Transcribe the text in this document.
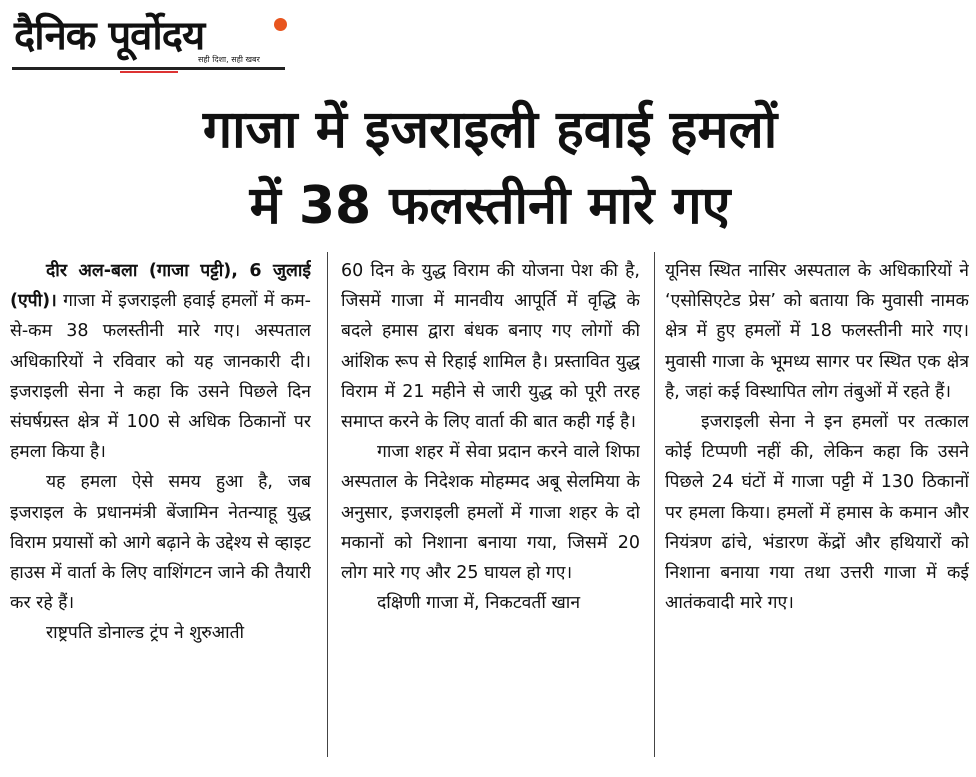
दैनिक पूर्वोदय
सही दिशा, सही खबर
गाजा में इजराइली हवाई हमलों
में 38 फलस्तीनी मारे गए

दीर अल-बला (गाजा पट्टी), 6 जुलाई (एपी)। गाजा में इजराइली हवाई हमलों में कम-से-कम 38 फलस्तीनी मारे गए। अस्पताल अधिकारियों ने रविवार को यह जानकारी दी। इजराइली सेना ने कहा कि उसने पिछले दिन संघर्षग्रस्त क्षेत्र में 100 से अधिक ठिकानों पर हमला किया है।

यह हमला ऐसे समय हुआ है, जब इजराइल के प्रधानमंत्री बेंजामिन नेतन्याहू युद्ध विराम प्रयासों को आगे बढ़ाने के उद्देश्य से व्हाइट हाउस में वार्ता के लिए वाशिंगटन जाने की तैयारी कर रहे हैं।

राष्ट्रपति डोनाल्ड ट्रंप ने शुरुआती

60 दिन के युद्ध विराम की योजना पेश की है, जिसमें गाजा में मानवीय आपूर्ति में वृद्धि के बदले हमास द्वारा बंधक बनाए गए लोगों की आंशिक रूप से रिहाई शामिल है। प्रस्तावित युद्ध विराम में 21 महीने से जारी युद्ध को पूरी तरह समाप्त करने के लिए वार्ता की बात कही गई है।

गाजा शहर में सेवा प्रदान करने वाले शिफा अस्पताल के निदेशक मोहम्मद अबू सेलमिया के अनुसार, इजराइली हमलों में गाजा शहर के दो मकानों को निशाना बनाया गया, जिसमें 20 लोग मारे गए और 25 घायल हो गए।

दक्षिणी गाजा में, निकटवर्ती खान

यूनिस स्थित नासिर अस्पताल के अधिकारियों ने ‘एसोसिएटेड प्रेस’ को बताया कि मुवासी नामक क्षेत्र में हुए हमलों में 18 फलस्तीनी मारे गए। मुवासी गाजा के भूमध्य सागर पर स्थित एक क्षेत्र है, जहां कई विस्थापित लोग तंबुओं में रहते हैं।

इजराइली सेना ने इन हमलों पर तत्काल कोई टिप्पणी नहीं की, लेकिन कहा कि उसने पिछले 24 घंटों में गाजा पट्टी में 130 ठिकानों पर हमला किया। हमलों में हमास के कमान और नियंत्रण ढांचे, भंडारण केंद्रों और हथियारों को निशाना बनाया गया तथा उत्तरी गाजा में कई आतंकवादी मारे गए।
